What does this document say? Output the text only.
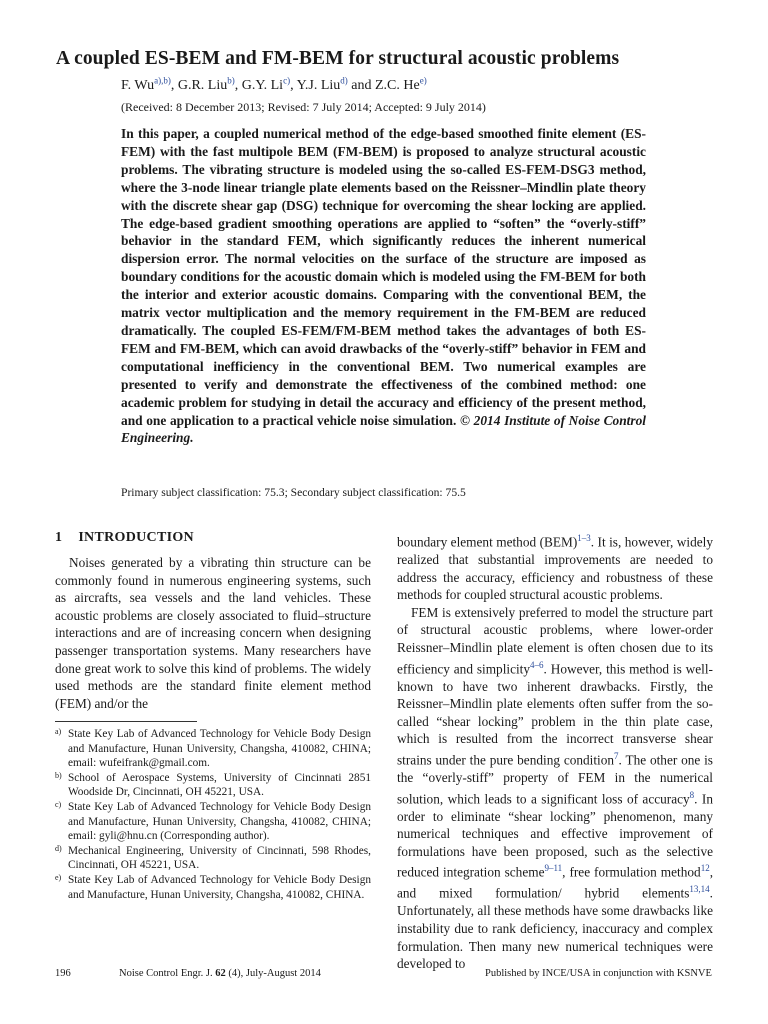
A coupled ES-BEM and FM-BEM for structural acoustic problems
F. $Wu^{a),b)}$, G.R. Liu$^{b)}$, G.Y. Li$^{c)}$, Y.J. Liu$^{d)}$ and Z.C. He$^{e)}$
(Received: 8 December 2013; Revised: 7 July 2014; Accepted: 9 July 2014)

In this paper, a coupled numerical method of the edge-based smoothed finite element (ES-FEM) with the fast multipole BEM (FM-BEM) is proposed to analyze structural acoustic problems. The vibrating structure is modeled using the so-called ES-FEM-DSG3 method, where the 3-node linear triangle plate elements based on the Reissner–Mindlin plate theory with the discrete shear gap (DSG) technique for overcoming the shear locking are applied. The edge-based gradient smoothing operations are applied to “soften” the “overly-stiff” behavior in the standard FEM, which significantly reduces the inherent numerical dispersion error. The normal velocities on the surface of the structure are imposed as boundary conditions for the acoustic domain which is modeled using the FM-BEM for both the interior and exterior acoustic domains. Comparing with the conventional BEM, the matrix vector multiplication and the memory requirement in the FM-BEM are reduced dramatically. The coupled ES-FEM/FM-BEM method takes the advantages of both ES-FEM and FM-BEM, which can avoid drawbacks of the “overly-stiff” behavior in FEM and computational inefficiency in the conventional BEM. Two numerical examples are presented to verify and demonstrate the effectiveness of the combined method: one academic problem for studying in detail the accuracy and efficiency of the present method, and one application to a practical vehicle noise simulation. © 2014 Institute of Noise Control Engineering.

Primary subject classification: 75.3; Secondary subject classification: 75.5
1 INTRODUCTION

Noises generated by a vibrating thin structure can be commonly found in numerous engineering systems, such as aircrafts, sea vessels and the land vehicles. These acoustic problems are closely associated to fluid–structure interactions and are of increasing concern when designing passenger transportation systems. Many researchers have done great work to solve this kind of problems. The widely used methods are the standard finite element method (FEM) and/or the

a) State Key Lab of Advanced Technology for Vehicle Body Design and Manufacture, Hunan University, Changsha, 410082, CHINA; email: wufeifrank@gmail.com.
b) School of Aerospace Systems, University of Cincinnati 2851 Woodside Dr, Cincinnati, OH 45221, USA.
c) State Key Lab of Advanced Technology for Vehicle Body Design and Manufacture, Hunan University, Changsha, 410082, CHINA; email: gyli@hnu.cn (Corresponding author).
d) Mechanical Engineering, University of Cincinnati, 598 Rhodes, Cincinnati, OH 45221, USA.
e) State Key Lab of Advanced Technology for Vehicle Body Design and Manufacture, Hunan University, Changsha, 410082, CHINA.

boundary element method (BEM)$^{1-3}$. It is, however, widely realized that substantial improvements are needed to address the accuracy, efficiency and robustness of these methods for coupled structural acoustic problems.

FEM is extensively preferred to model the structure part of structural acoustic problems, where lower-order Reissner–Mindlin plate element is often chosen due to its efficiency and simplicity$^{4-6}$. However, this method is well-known to have two inherent drawbacks. Firstly, the Reissner–Mindlin plate elements often suffer from the so-called “shear locking” problem in the thin plate case, which is resulted from the incorrect transverse shear strains under the pure bending condition$^7$. The other one is the “overly-stiff” property of FEM in the numerical solution, which leads to a significant loss of accuracy$^8$. In order to eliminate “shear locking” phenomenon, many numerical techniques and effective improvement of formulations have been proposed, such as the selective reduced integration scheme$^{9-11}$, free formulation method$^{12}$, and mixed formulation/ hybrid elements$^{13,14}$. Unfortunately, all these methods have some drawbacks like instability due to rank deficiency, inaccuracy and complex formulation. Then many new numerical techniques were developed to

196	Noise Control Engr. J. 62 (4), July-August 2014	Published by INCE/USA in conjunction with KSNVE
